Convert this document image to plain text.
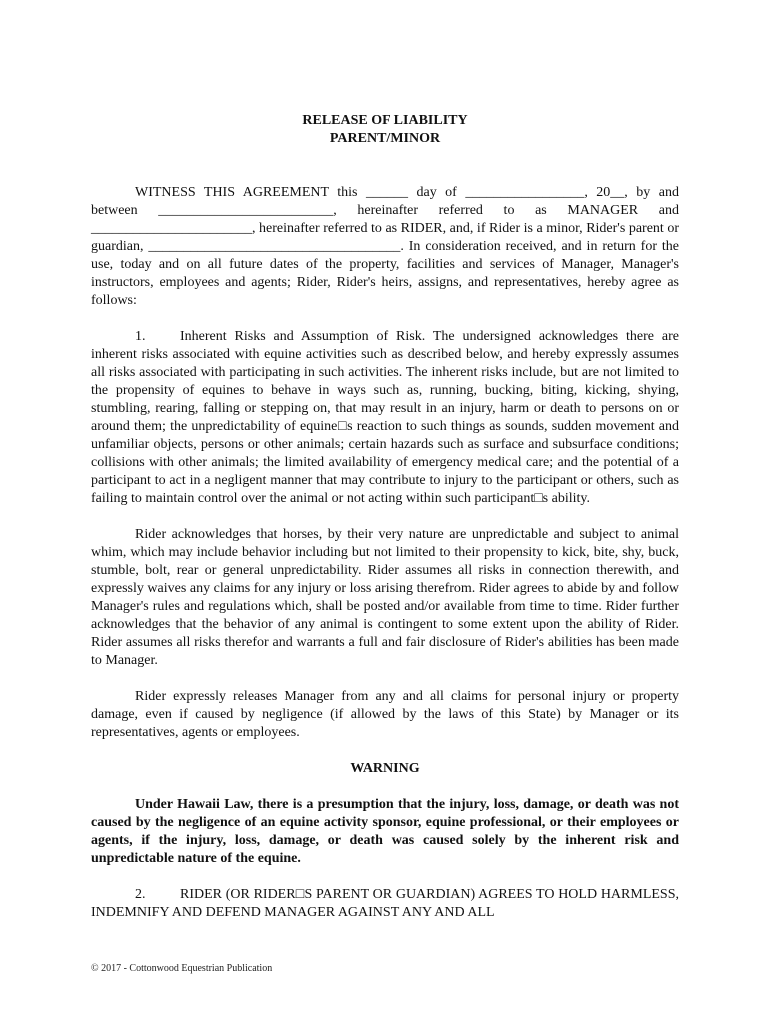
RELEASE OF LIABILITY

PARENT/MINOR

WITNESS THIS AGREEMENT this ______ day of _________________, 20__, by and between _________________________, hereinafter referred to as MANAGER and _______________________, hereinafter referred to as RIDER, and, if Rider is a minor, Rider's parent or guardian, ____________________________________. In consideration received, and in return for the use, today and on all future dates of the property, facilities and services of Manager, Manager's instructors, employees and agents; Rider, Rider's heirs, assigns, and representatives, hereby agree as follows:

1. Inherent Risks and Assumption of Risk. The undersigned acknowledges there are inherent risks associated with equine activities such as described below, and hereby expressly assumes all risks associated with participating in such activities. The inherent risks include, but are not limited to the propensity of equines to behave in ways such as, running, bucking, biting, kicking, shying, stumbling, rearing, falling or stepping on, that may result in an injury, harm or death to persons on or around them; the unpredictability of equine□s reaction to such things as sounds, sudden movement and unfamiliar objects, persons or other animals; certain hazards such as surface and subsurface conditions; collisions with other animals; the limited availability of emergency medical care; and the potential of a participant to act in a negligent manner that may contribute to injury to the participant or others, such as failing to maintain control over the animal or not acting within such participant□s ability.

Rider acknowledges that horses, by their very nature are unpredictable and subject to animal whim, which may include behavior including but not limited to their propensity to kick, bite, shy, buck, stumble, bolt, rear or general unpredictability. Rider assumes all risks in connection therewith, and expressly waives any claims for any injury or loss arising therefrom. Rider agrees to abide by and follow Manager's rules and regulations which, shall be posted and/or available from time to time. Rider further acknowledges that the behavior of any animal is contingent to some extent upon the ability of Rider. Rider assumes all risks therefor and warrants a full and fair disclosure of Rider's abilities has been made to Manager.

Rider expressly releases Manager from any and all claims for personal injury or property damage, even if caused by negligence (if allowed by the laws of this State) by Manager or its representatives, agents or employees.

WARNING

Under Hawaii Law, there is a presumption that the injury, loss, damage, or death was not caused by the negligence of an equine activity sponsor, equine professional, or their employees or agents, if the injury, loss, damage, or death was caused solely by the inherent risk and unpredictable nature of the equine.

2. RIDER (OR RIDER□S PARENT OR GUARDIAN) AGREES TO HOLD HARMLESS, INDEMNIFY AND DEFEND MANAGER AGAINST ANY AND ALL

© 2017 - Cottonwood Equestrian Publication
